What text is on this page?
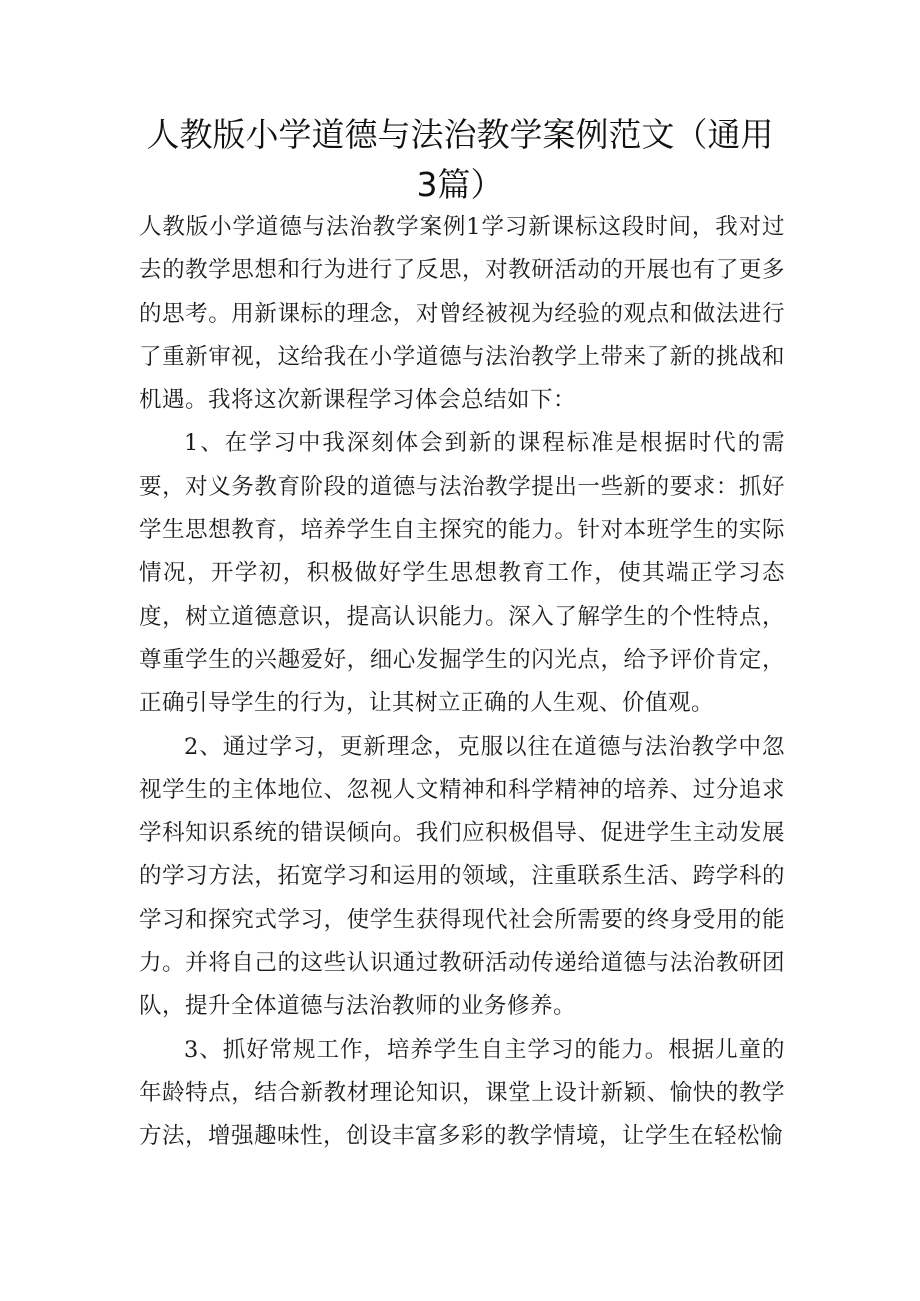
人教版小学道德与法治教学案例范文（通用
3篇）

人教版小学道德与法治教学案例1学习新课标这段时间，我对过去的教学思想和行为进行了反思，对教研活动的开展也有了更多的思考。用新课标的理念，对曾经被视为经验的观点和做法进行了重新审视，这给我在小学道德与法治教学上带来了新的挑战和机遇。我将这次新课程学习体会总结如下：

1、在学习中我深刻体会到新的课程标准是根据时代的需要，对义务教育阶段的道德与法治教学提出一些新的要求：抓好学生思想教育，培养学生自主探究的能力。针对本班学生的实际情况，开学初，积极做好学生思想教育工作，使其端正学习态度，树立道德意识，提高认识能力。深入了解学生的个性特点，尊重学生的兴趣爱好，细心发掘学生的闪光点，给予评价肯定，正确引导学生的行为，让其树立正确的人生观、价值观。

2、通过学习，更新理念，克服以往在道德与法治教学中忽视学生的主体地位、忽视人文精神和科学精神的培养、过分追求学科知识系统的错误倾向。我们应积极倡导、促进学生主动发展的学习方法，拓宽学习和运用的领域，注重联系生活、跨学科的学习和探究式学习，使学生获得现代社会所需要的终身受用的能力。并将自己的这些认识通过教研活动传递给道德与法治教研团队，提升全体道德与法治教师的业务修养。

3、抓好常规工作，培养学生自主学习的能力。根据儿童的年龄特点，结合新教材理论知识，课堂上设计新颖、愉快的教学方法，增强趣味性，创设丰富多彩的教学情境，让学生在轻松愉
